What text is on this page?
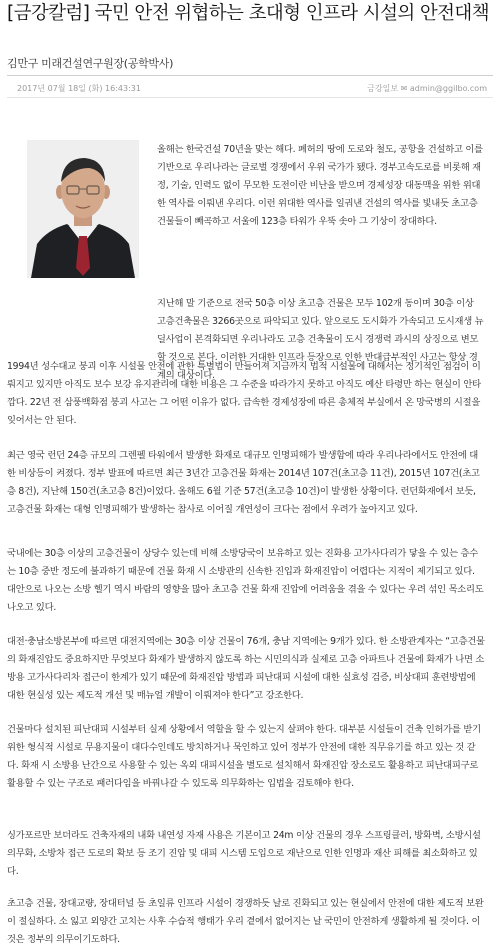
[금강칼럼] 국민 안전 위협하는 초대형 인프라 시설의 안전대책
김만구 미래건설연구원장(공학박사)
2017년 07월 18일 (화) 16:43:31	금강일보 ✉ admin@ggilbo.com

올해는 한국건설 70년을 맞는 해다. 폐허의 땅에 도로와 철도, 공항을 건설하고 이를 기반으로 우리나라는 글로벌 경쟁에서 우위 국가가 됐다. 경부고속도로를 비롯해 재정, 기술, 인력도 없이 무모한 도전이란 비난을 받으며 경제성장 대동맥을 위한 위대한 역사를 이뤄낸 우리다. 이런 위대한 역사를 일궈낸 건설의 역사를 빛내듯 초고층 건물들이 빼곡하고 서울에 123층 타워가 우뚝 솟아 그 기상이 장대하다.

지난해 말 기준으로 전국 50층 이상 초고층 건물은 모두 102개 동이며 30층 이상 고층건축물은 3266곳으로 파악되고 있다. 앞으로도 도시화가 가속되고 도시재생 뉴딜사업이 본격화되면 우리나라도 고층 건축물이 도시 경쟁력 과시의 상징으로 변모할 것으로 본다. 이러한 거대한 인프라 등장으로 인한 반대급부적인 사고는 항상 경계의 대상이다.

1994년 성수대교 붕괴 이후 시설물 안전에 관한 특별법이 만들어져 지금까지 법적 시설물에 대해서는 정기적인 점검이 이뤄지고 있지만 아직도 보수 보강 유지관리에 대한 비용은 그 수준을 따라가지 못하고 아직도 예산 타령만 하는 현실이 안타깝다. 22년 전 삼풍백화점 붕괴 사고는 그 어떤 이유가 없다. 급속한 경제성장에 따른 총체적 부실에서 온 망국병의 시절을 잊어서는 안 된다.

최근 영국 런던 24층 규모의 그렌펠 타워에서 발생한 화재로 대규모 인명피해가 발생함에 따라 우리나라에서도 안전에 대한 비상등이 켜졌다. 정부 발표에 따르면 최근 3년간 고층건물 화재는 2014년 107건(초고층 11건), 2015년 107건(초고층 8건), 지난해 150건(초고층 8건)이었다. 올해도 6월 기준 57건(초고층 10건)이 발생한 상황이다. 런던화재에서 보듯, 고층건물 화재는 대형 인명피해가 발생하는 참사로 이어질 개연성이 크다는 점에서 우려가 높아지고 있다.

국내에는 30층 이상의 고층건물이 상당수 있는데 비해 소방당국이 보유하고 있는 진화용 고가사다리가 닿을 수 있는 층수는 10층 중반 정도에 불과하기 때문에 건물 화재 시 소방관의 신속한 진입과 화재진압이 어렵다는 지적이 제기되고 있다. 대안으로 나오는 소방 헬기 역시 바람의 영향을 많아 초고층 건물 화재 진압에 어려움을 겪을 수 있다는 우려 섞인 목소리도 나오고 있다.

대전·충남소방본부에 따르면 대전지역에는 30층 이상 건물이 76개, 충남 지역에는 9개가 있다. 한 소방관계자는 “고층건물의 화재진압도 중요하지만 무엇보다 화재가 발생하지 않도록 하는 시민의식과 실제로 고층 아파트나 건물에 화재가 나면 소방용 고가사다리차 접근이 한계가 있기 때문에 화재진압 방법과 피난대피 시설에 대한 실효성 검증, 비상대피 훈련방법에 대한 현실성 있는 제도적 개선 및 매뉴얼 개발이 이뤄져야 한다”고 강조한다.

건물마다 설치된 피난대피 시설부터 실제 상황에서 역할을 할 수 있는지 살펴야 한다. 대부분 시설들이 건축 인허가를 받기 위한 형식적 시설로 무용지물이 대다수인데도 방치하거나 묵인하고 있어 정부가 안전에 대한 직무유기를 하고 있는 것 같다. 화재 시 소방용 난간으로 사용할 수 있는 옥외 대피시설을 별도로 설치해서 화재진압 장소로도 활용하고 피난대피구로 활용할 수 있는 구조로 패러다임을 바꿔나갈 수 있도록 의무화하는 입법을 검토해야 한다.

싱가포르만 보더라도 건축자재의 내화 내연성 자재 사용은 기본이고 24m 이상 건물의 경우 스프링클러, 방화벽, 소방시설 의무화, 소방차 접근 도로의 확보 등 조기 진압 및 대피 시스템 도입으로 재난으로 인한 인명과 재산 피해를 최소화하고 있다.

초고층 건물, 장대교량, 장대터널 등 초일류 인프라 시설이 경쟁하듯 날로 진화되고 있는 현실에서 안전에 대한 제도적 보완이 절실하다. 소 잃고 외양간 고치는 사후 수습적 행태가 우리 곁에서 없어지는 날 국민이 안전하게 생활하게 될 것이다. 이것은 정부의 의무이기도하다.
